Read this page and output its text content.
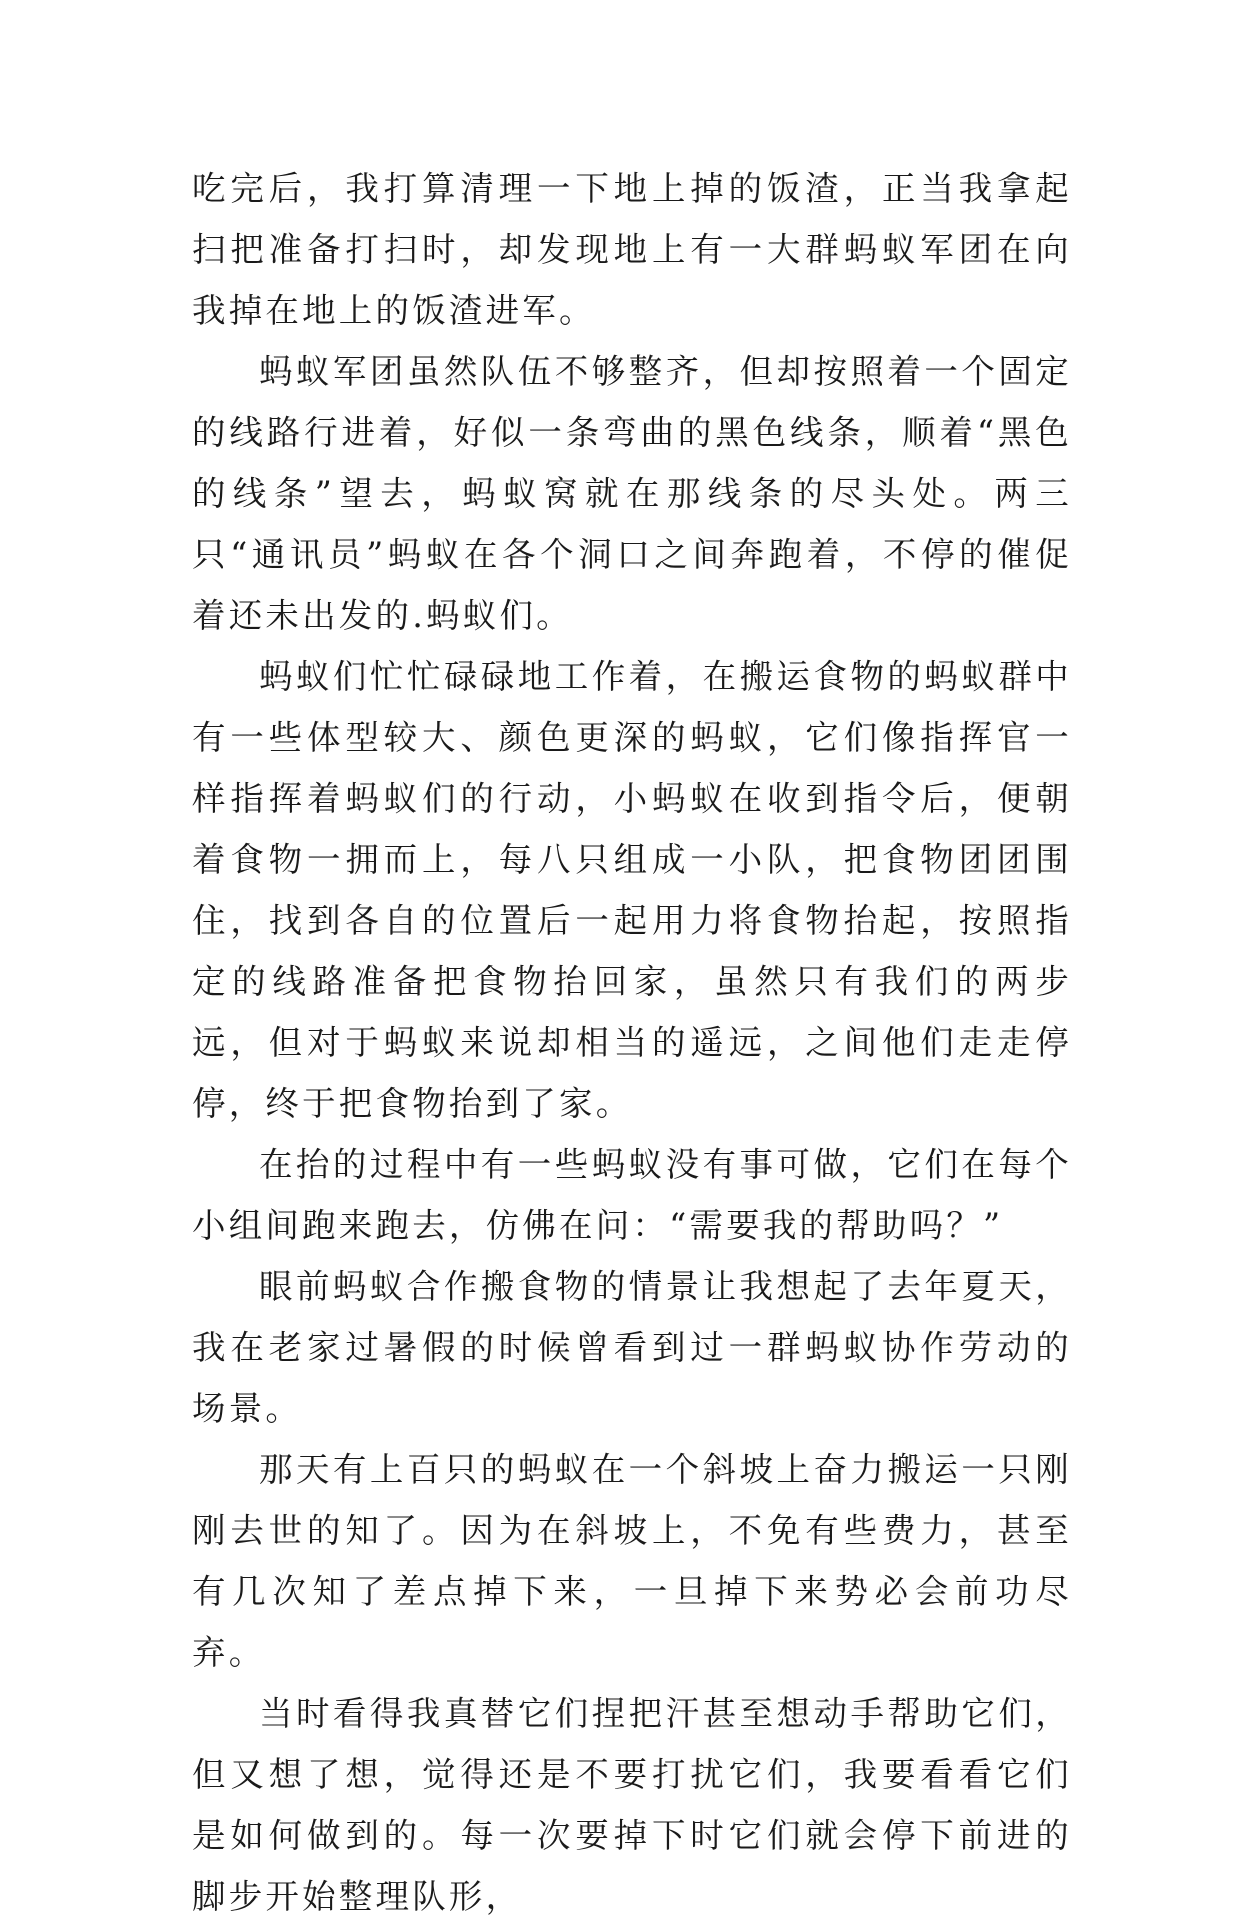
吃完后，我打算清理一下地上掉的饭渣，正当我拿起扫把准备打扫时，却发现地上有一大群蚂蚁军团在向我掉在地上的饭渣进军。

蚂蚁军团虽然队伍不够整齐，但却按照着一个固定的线路行进着，好似一条弯曲的黑色线条，顺着“黑色的线条”望去，蚂蚁窝就在那线条的尽头处。两三只“通讯员”蚂蚁在各个洞口之间奔跑着，不停的催促着还未出发的.蚂蚁们。

蚂蚁们忙忙碌碌地工作着，在搬运食物的蚂蚁群中有一些体型较大、颜色更深的蚂蚁，它们像指挥官一样指挥着蚂蚁们的行动，小蚂蚁在收到指令后，便朝着食物一拥而上，每八只组成一小队，把食物团团围住，找到各自的位置后一起用力将食物抬起，按照指定的线路准备把食物抬回家，虽然只有我们的两步远，但对于蚂蚁来说却相当的遥远，之间他们走走停停，终于把食物抬到了家。

在抬的过程中有一些蚂蚁没有事可做，它们在每个小组间跑来跑去，仿佛在问：“需要我的帮助吗？”

眼前蚂蚁合作搬食物的情景让我想起了去年夏天，我在老家过暑假的时候曾看到过一群蚂蚁协作劳动的场景。

那天有上百只的蚂蚁在一个斜坡上奋力搬运一只刚刚去世的知了。因为在斜坡上，不免有些费力，甚至有几次知了差点掉下来，一旦掉下来势必会前功尽弃。

当时看得我真替它们捏把汗甚至想动手帮助它们，但又想了想，觉得还是不要打扰它们，我要看看它们是如何做到的。每一次要掉下时它们就会停下前进的脚步开始整理队形，
